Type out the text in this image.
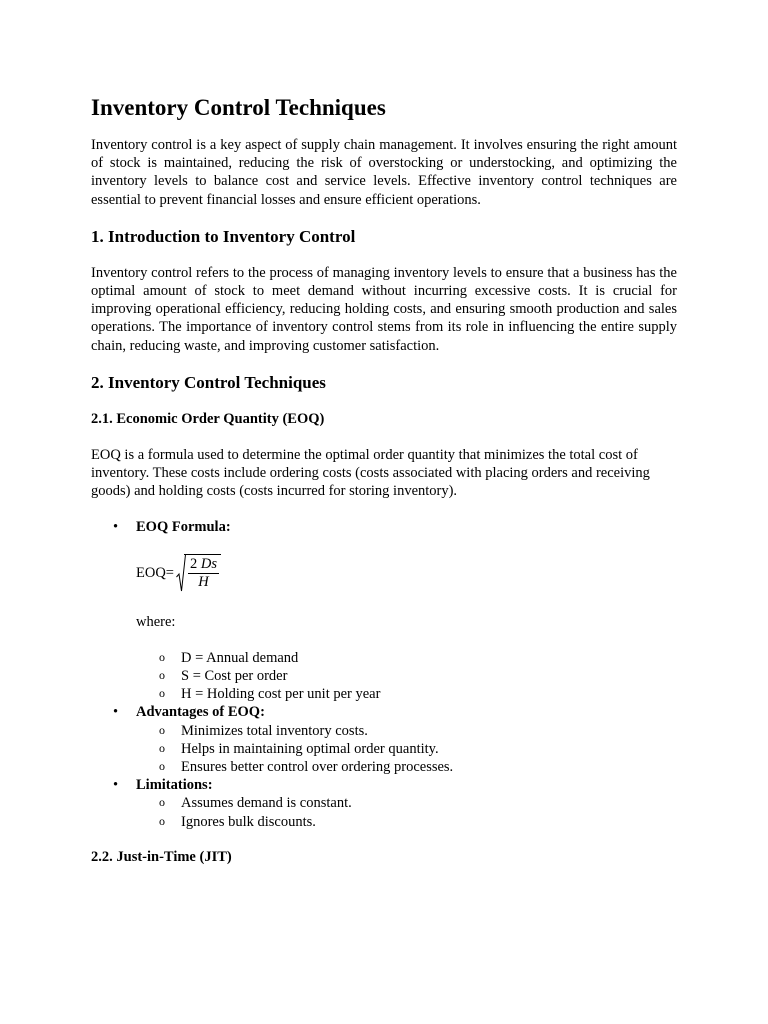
Inventory Control Techniques

Inventory control is a key aspect of supply chain management. It involves ensuring the right amount of stock is maintained, reducing the risk of overstocking or understocking, and optimizing the inventory levels to balance cost and service levels. Effective inventory control techniques are essential to prevent financial losses and ensure efficient operations.

1. Introduction to Inventory Control

Inventory control refers to the process of managing inventory levels to ensure that a business has the optimal amount of stock to meet demand without incurring excessive costs. It is crucial for improving operational efficiency, reducing holding costs, and ensuring smooth production and sales operations. The importance of inventory control stems from its role in influencing the entire supply chain, reducing waste, and improving customer satisfaction.

2. Inventory Control Techniques
2.1. Economic Order Quantity (EOQ)

EOQ is a formula used to determine the optimal order quantity that minimizes the total cost of inventory. These costs include ordering costs (costs associated with placing orders and receiving goods) and holding costs (costs incurred for storing inventory).

• EOQ Formula:
$EOQ= \frac{2 Ds}{H}$
where:
o D = Annual demand
o S = Cost per order
o H = Holding cost per unit per year
• Advantages of EOQ:
o Minimizes total inventory costs.
o Helps in maintaining optimal order quantity.
o Ensures better control over ordering processes.
• Limitations:
o Assumes demand is constant.
o Ignores bulk discounts.
2.2. Just-in-Time (JIT)
